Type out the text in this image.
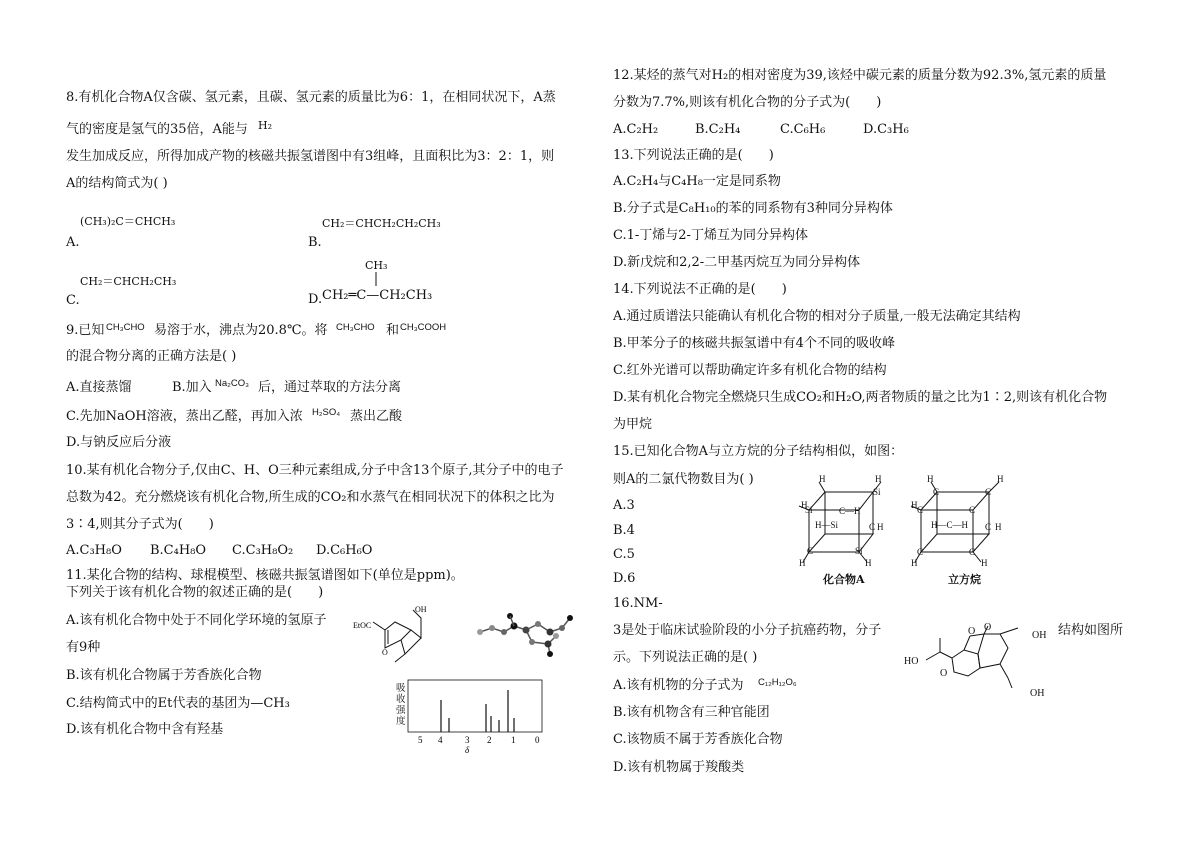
8.有机化合物A仅含碳、氢元素，且碳、氢元素的质量比为6：1，在相同状况下，A蒸
气的密度是氢气的35倍，A能与 H₂
发生加成反应，所得加成产物的核磁共振氢谱图中有3组峰，且面积比为3：2：1，则
A的结构简式为( )
(CH₃)₂C＝CHCH₃
A.
CH₂＝CHCH₂CH₂CH₃
B.
CH₂＝CHCH₂CH₃
C.
CH₃
D. CH₂═C—CH₂CH₃
9.已知 CH₃CHO 易溶于水，沸点为20.8℃。将 CH₃CHO 和 CH₃COOH
的混合物分离的正确方法是( )
A.直接蒸馏	B.加入 Na₂CO₃ 后，通过萃取的方法分离
C.先加NaOH溶液，蒸出乙醛，再加入浓 H₂SO₄ 蒸出乙酸
D.与钠反应后分液
10.某有机化合物分子,仅由C、H、O三种元素组成,分子中含13个原子,其分子中的电子
总数为42。充分燃烧该有机化合物,所生成的CO₂和水蒸气在相同状况下的体积之比为
3∶4,则其分子式为(　　)
A.C₃H₈O B.C₄H₈O C.C₃H₈O₂ D.C₆H₆O
11.某化合物的结构、球棍模型、核磁共振氢谱图如下(单位是ppm)。
下列关于该有机化合物的叙述正确的是(　　)
A.该有机化合物中处于不同化学环境的氢原子
有9种
B.该有机化合物属于芳香族化合物
C.结构简式中的Et代表的基团为—CH₃
D.该有机化合物中含有羟基
EtOC
O
OH
吸
收
强
度
5 4	3 2 1 0
δ
12.某烃的蒸气对H₂的相对密度为39,该烃中碳元素的质量分数为92.3%,氢元素的质量
分数为7.7%,则该有机化合物的分子式为(　　)
A.C₂H₂	B.C₂H₄	C.C₆H₆	D.C₃H₆
13.下列说法正确的是(　　)
A.C₂H₄与C₄H₈一定是同系物
B.分子式是C₈H₁₀的苯的同系物有3种同分异构体
C.1-丁烯与2-丁烯互为同分异构体
D.新戊烷和2,2-二甲基丙烷互为同分异构体
14.下列说法不正确的是(　　)
A.通过质谱法只能确认有机化合物的相对分子质量,一般无法确定其结构
B.甲苯分子的核磁共振氢谱中有4个不同的吸收峰
C.红外光谱可以帮助确定许多有机化合物的结构
D.某有机化合物完全燃烧只生成CO₂和H₂O,两者物质的量之比为1∶2,则该有机化合物
为甲烷
15.已知化合物A与立方烷的分子结构相似，如图：
则A的二氯代物数目为( )
A.3
B.4
C.5
D.6
H
Si
H
H
Si	C—H
H—Si	C H
C	Si
H	H
化合物A
H
C	C
H
H C	C
H—C—H C H
C	C
H	H
立方烷
16.NM-
3是处于临床试验阶段的小分子抗癌药物，分子	结构如图所
示。下列说法正确的是( )
A.该有机物的分子式为 C₁₂H₁₂O₆
B.该有机物含有三种官能团
C.该物质不属于芳香族化合物
D.该有机物属于羧酸类
HO
O
O O
OH
OH
